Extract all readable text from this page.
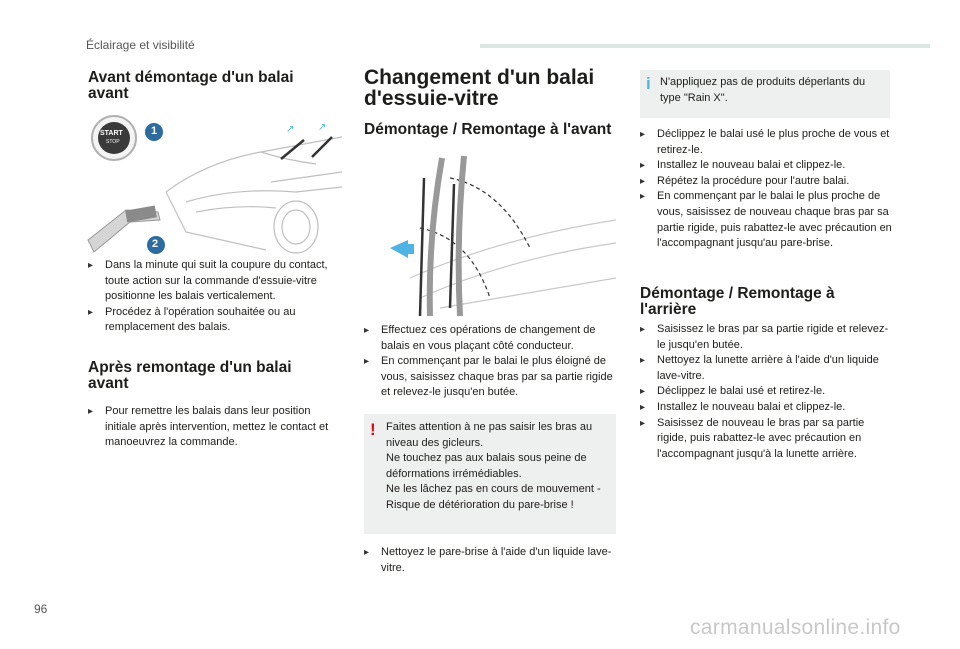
Éclairage et visibilité
Avant démontage d'un balai avant
↗ ↗
START
STOP
1
2
▸ Dans la minute qui suit la coupure du contact, toute action sur la commande d'essuie-vitre positionne les balais verticalement.
▸ Procédez à l'opération souhaitée ou au remplacement des balais.
Après remontage d'un balai avant
▸ Pour remettre les balais dans leur position initiale après intervention, mettez le contact et manoeuvrez la commande.
Changement d'un balai d'essuie-vitre
Démontage / Remontage à l'avant
▸ Effectuez ces opérations de changement de balais en vous plaçant côté conducteur.
▸ En commençant par le balai le plus éloigné de vous, saisissez chaque bras par sa partie rigide et relevez-le jusqu'en butée.
! Faites attention à ne pas saisir les bras au niveau des gicleurs.

Ne touchez pas aux balais sous peine de déformations irrémédiables.

Ne les lâchez pas en cours de mouvement - Risque de détérioration du pare-brise !

▸ Nettoyez le pare-brise à l'aide d'un liquide lave-vitre.
i N'appliquez pas de produits déperlants du type "Rain X".

▸ Déclippez le balai usé le plus proche de vous et retirez-le.
▸ Installez le nouveau balai et clippez-le.
▸ Répétez la procédure pour l'autre balai.
▸ En commençant par le balai le plus proche de vous, saisissez de nouveau chaque bras par sa partie rigide, puis rabattez-le avec précaution en l'accompagnant jusqu'au pare-brise.
Démontage / Remontage à l'arrière
▸ Saisissez le bras par sa partie rigide et relevez-le jusqu'en butée.
▸ Nettoyez la lunette arrière à l'aide d'un liquide lave-vitre.
▸ Déclippez le balai usé et retirez-le.
▸ Installez le nouveau balai et clippez-le.
▸ Saisissez de nouveau le bras par sa partie rigide, puis rabattez-le avec précaution en l'accompagnant jusqu'à la lunette arrière.
96
carmanualsonline.info
